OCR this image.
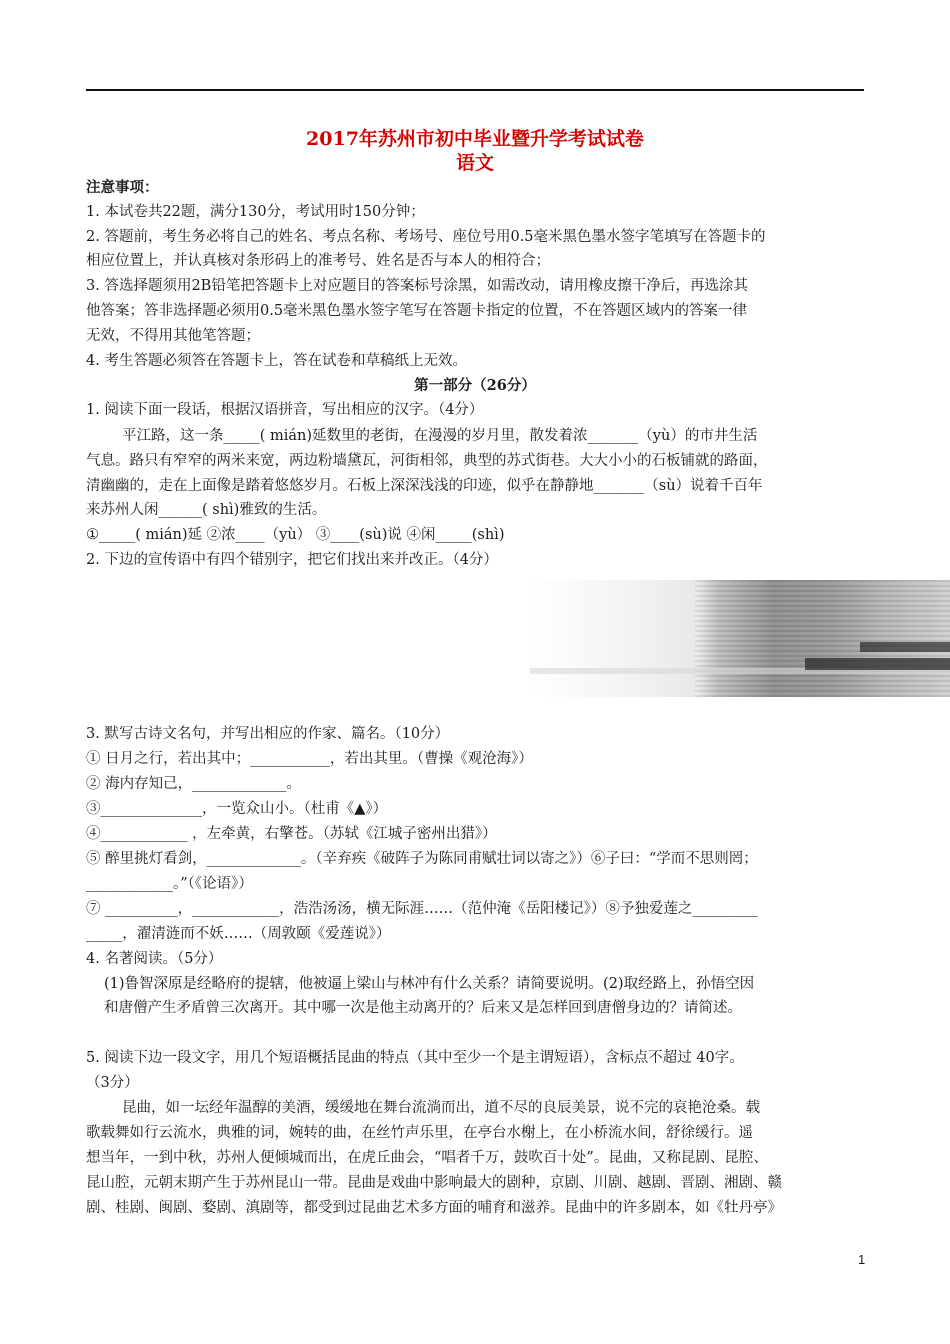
2017年苏州市初中毕业暨升学考试试卷
语文
注意事项：
1. 本试卷共22题，满分130分，考试用时150分钟；
2. 答题前，考生务必将自己的姓名、考点名称、考场号、座位号用0.5毫米黑色墨水签字笔填写在答题卡的
相应位置上，并认真核对条形码上的准考号、姓名是否与本人的相符合；
3. 答选择题须用2B铅笔把答题卡上对应题目的答案标号涂黑，如需改动，请用橡皮擦干净后，再选涂其
他答案；答非选择题必须用0.5毫米黑色墨水签字笔写在答题卡指定的位置，不在答题区域内的答案一律
无效，不得用其他笔答题；
4. 考生答题必须答在答题卡上，答在试卷和草稿纸上无效。
第一部分（26分）
1. 阅读下面一段话，根据汉语拼音，写出相应的汉字。（4分）
平江路，这一条_____( mián)延数里的老街，在漫漫的岁月里，散发着浓_______（yù）的市井生活
气息。路只有窄窄的两米来宽，两边粉墙黛瓦，河街相邻，典型的苏式街巷。大大小小的石板铺就的路面，
清幽幽的，走在上面像是踏着悠悠岁月。石板上深深浅浅的印迹，似乎在静静地_______（sù）说着千百年
来苏州人闲______( shì)雅致的生活。
①_____( mián)延 ②浓____（yù） ③____(sù)说 ④闲_____(shì)
2. 下边的宣传语中有四个错别字，把它们找出来并改正。（4分）
3. 默写古诗文名句，并写出相应的作家、篇名。（10分）
① 日月之行，若出其中；___________，若出其里。（曹操《观沧海》）
② 海内存知己，_____________。
③______________，一览众山小。（杜甫《▲》）
④____________ ，左牵黄，右擎苍。（苏轼《江城子密州出猎》）
⑤ 醉里挑灯看剑，_____________。（辛弃疾《破阵子为陈同甫赋壮词以寄之》）⑥子曰：“学而不思则罔；
____________。”（《论语》）
⑦ __________，____________，浩浩汤汤，横无际涯……（范仲淹《岳阳楼记》）⑧予独爱莲之_________
_____，濯清涟而不妖……（周敦颐《爱莲说》）
4. 名著阅读。（5分）
(1)鲁智深原是经略府的提辖，他被逼上梁山与林冲有什么关系？请简要说明。(2)取经路上，孙悟空因
和唐僧产生矛盾曾三次离开。其中哪一次是他主动离开的？后来又是怎样回到唐僧身边的？请简述。
5. 阅读下边一段文字，用几个短语概括昆曲的特点（其中至少一个是主谓短语），含标点不超过 40字。
（3分）
昆曲，如一坛经年温醇的美酒，缓缓地在舞台流淌而出，道不尽的良辰美景，说不完的哀艳沧桑。载
歌载舞如行云流水，典雅的词，婉转的曲，在丝竹声乐里，在亭台水榭上，在小桥流水间，舒徐缓行。遥
想当年，一到中秋，苏州人便倾城而出，在虎丘曲会，“唱者千万，鼓吹百十处”。昆曲，又称昆剧、昆腔、
昆山腔，元朝末期产生于苏州昆山一带。昆曲是戏曲中影响最大的剧种，京剧、川剧、越剧、晋剧、湘剧、赣
剧、桂剧、闽剧、婺剧、滇剧等，都受到过昆曲艺术多方面的哺育和滋养。昆曲中的许多剧本，如《牡丹亭》
1
